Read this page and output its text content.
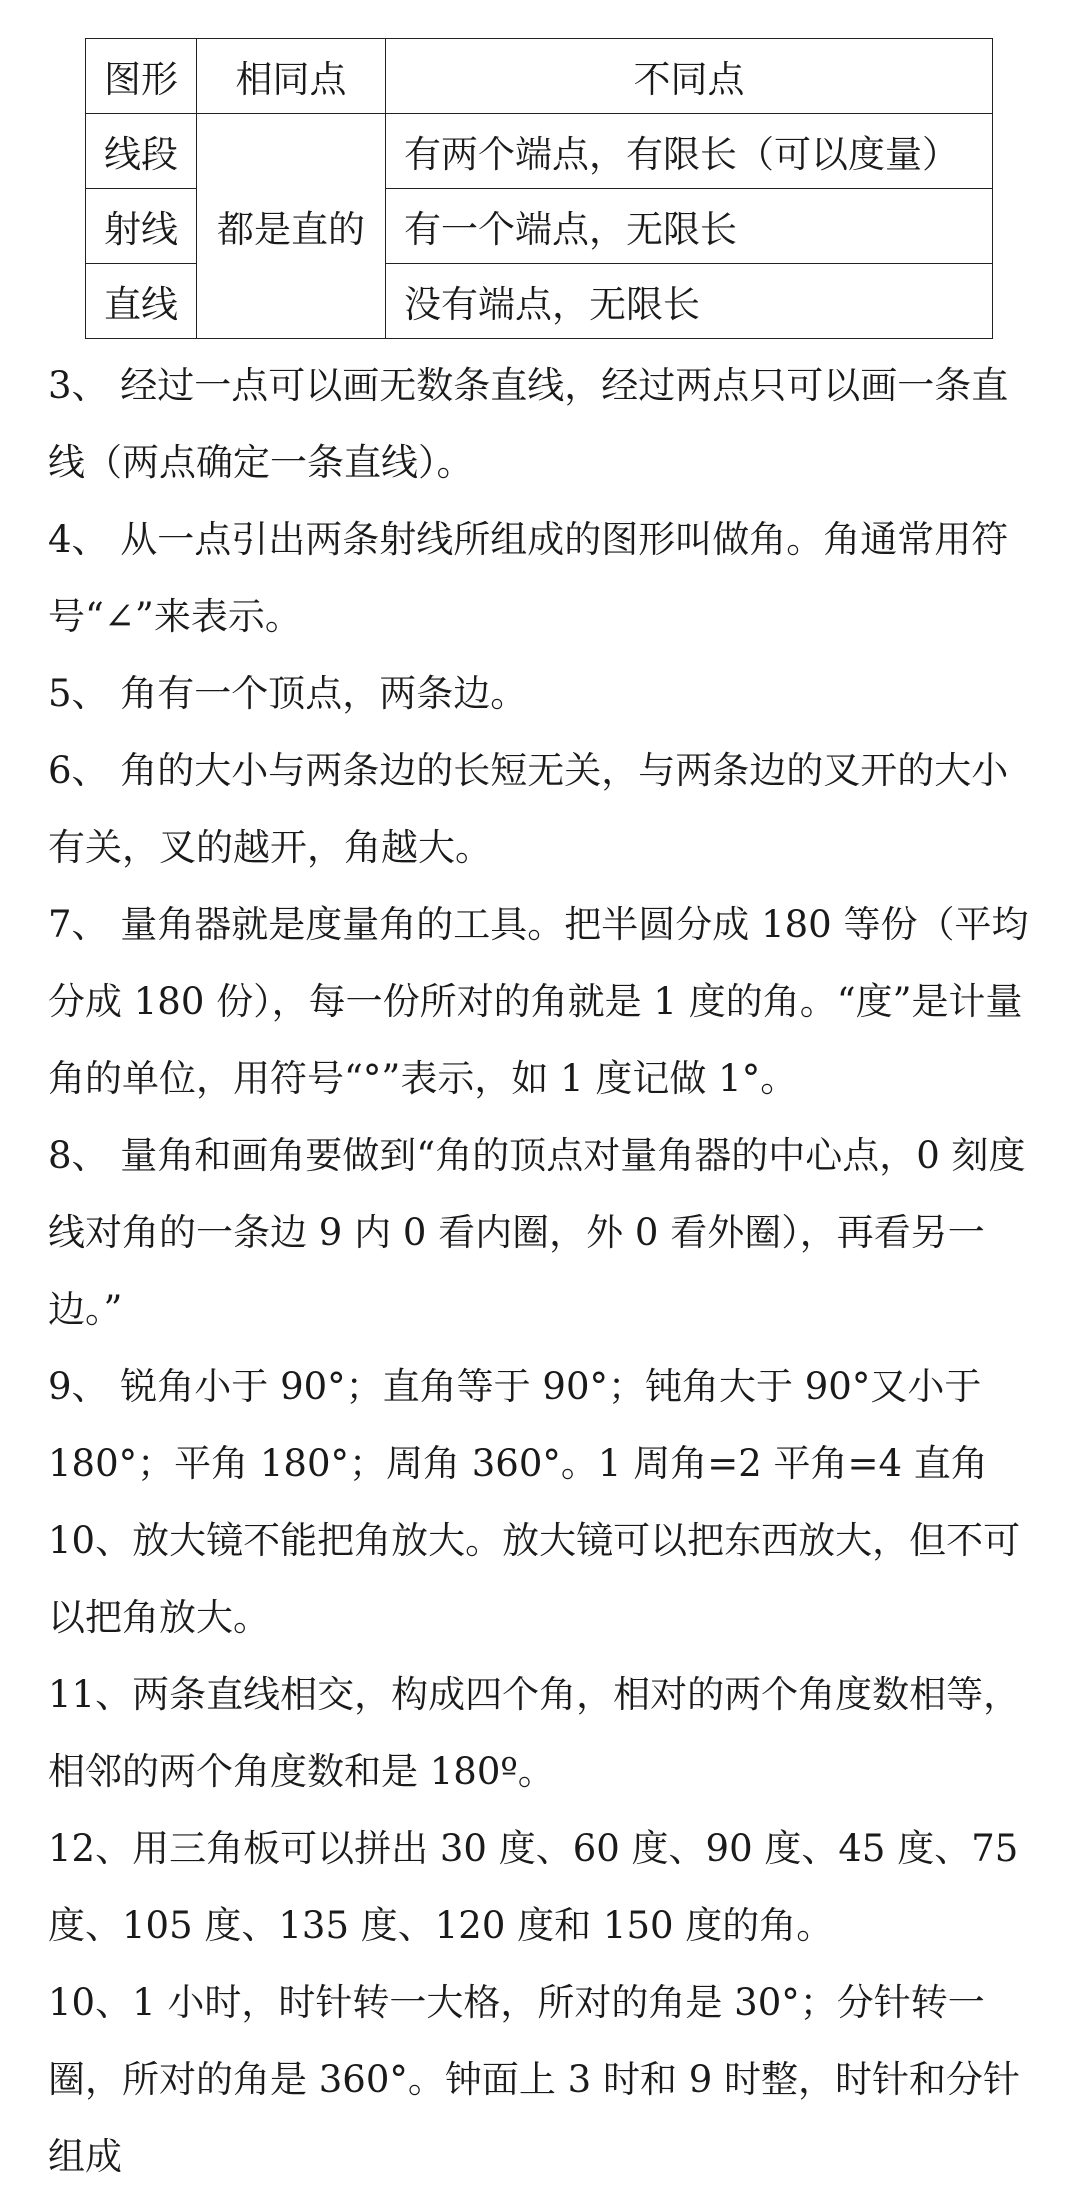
图形	相同点	不同点
线段	都是直的	有两个端点，有限长（可以度量）
射线		有一个端点，无限长
直线		没有端点，无限长

3、 经过一点可以画无数条直线，经过两点只可以画一条直线（两点确定一条直线）。

4、 从一点引出两条射线所组成的图形叫做角。角通常用符号“∠”来表示。

5、 角有一个顶点，两条边。

6、 角的大小与两条边的长短无关，与两条边的叉开的大小有关，叉的越开，角越大。

7、 量角器就是度量角的工具。把半圆分成 180 等份（平均分成 180 份），每一份所对的角就是 1 度的角。“度”是计量角的单位，用符号“°”表示，如 1 度记做 1°。

8、 量角和画角要做到“角的顶点对量角器的中心点，0 刻度线对角的一条边 9 内 0 看内圈，外 0 看外圈），再看另一边。”

9、 锐角小于 90°；直角等于 90°；钝角大于 90°又小于 180°；平角 180°；周角 360°。1 周角=2 平角=4 直角

10、放大镜不能把角放大。放大镜可以把东西放大，但不可以把角放大。

11、两条直线相交，构成四个角，相对的两个角度数相等，相邻的两个角度数和是 180º。

12、用三角板可以拼出 30 度、60 度、90 度、45 度、75 度、105 度、135 度、120 度和 150 度的角。

10、1 小时，时针转一大格，所对的角是 30°；分针转一圈，所对的角是 360°。钟面上 3 时和 9 时整，时针和分针组成
